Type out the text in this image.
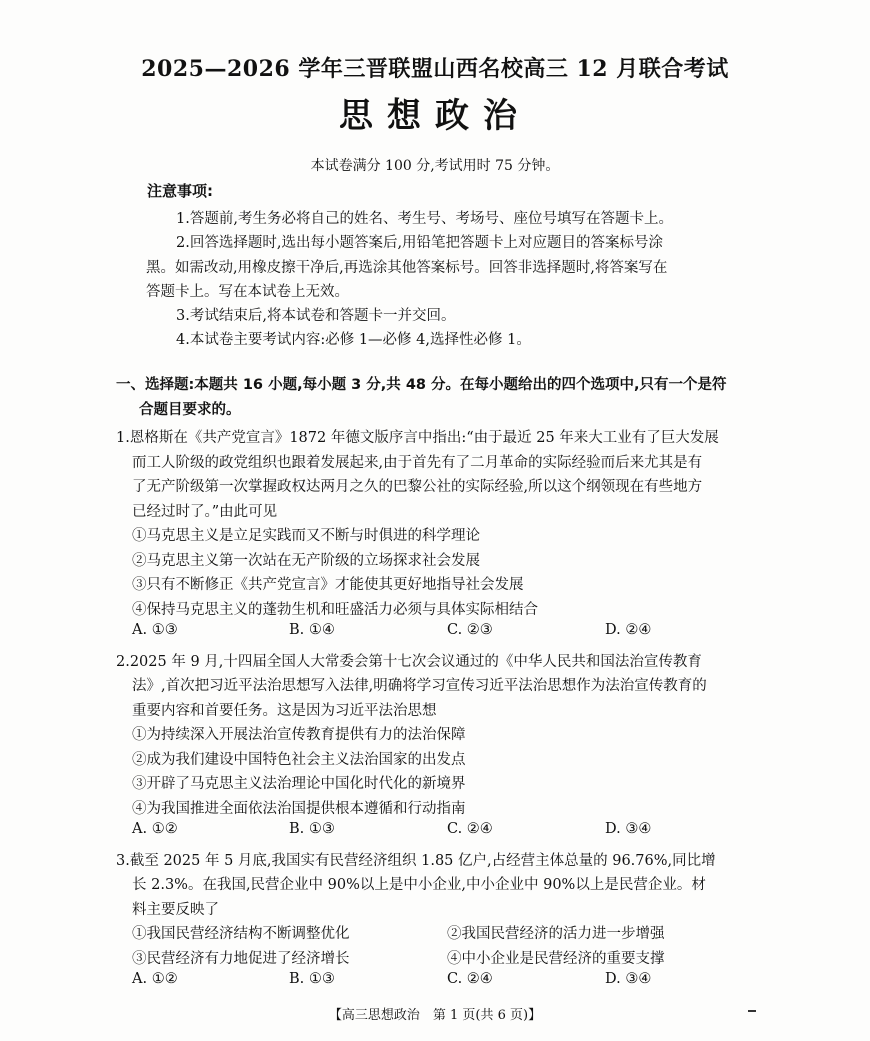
2025—2026 学年三晋联盟山西名校高三 12 月联合考试
思想政治
本试卷满分 100 分,考试用时 75 分钟。
注意事项:
1.答题前,考生务必将自己的姓名、考生号、考场号、座位号填写在答题卡上。
2.回答选择题时,选出每小题答案后,用铅笔把答题卡上对应题目的答案标号涂
黑。如需改动,用橡皮擦干净后,再选涂其他答案标号。回答非选择题时,将答案写在
答题卡上。写在本试卷上无效。
3.考试结束后,将本试卷和答题卡一并交回。
4.本试卷主要考试内容:必修 1—必修 4,选择性必修 1。
一、选择题:本题共 16 小题,每小题 3 分,共 48 分。在每小题给出的四个选项中,只有一个是符
合题目要求的。
1.恩格斯在《共产党宣言》1872 年德文版序言中指出:“由于最近 25 年来大工业有了巨大发展
而工人阶级的政党组织也跟着发展起来,由于首先有了二月革命的实际经验而后来尤其是有
了无产阶级第一次掌握政权达两月之久的巴黎公社的实际经验,所以这个纲领现在有些地方
已经过时了。”由此可见
①马克思主义是立足实践而又不断与时俱进的科学理论
②马克思主义第一次站在无产阶级的立场探求社会发展
③只有不断修正《共产党宣言》才能使其更好地指导社会发展
④保持马克思主义的蓬勃生机和旺盛活力必须与具体实际相结合
A. ①③	B. ①④	C. ②③	D. ②④
2.2025 年 9 月,十四届全国人大常委会第十七次会议通过的《中华人民共和国法治宣传教育
法》,首次把习近平法治思想写入法律,明确将学习宣传习近平法治思想作为法治宣传教育的
重要内容和首要任务。这是因为习近平法治思想
①为持续深入开展法治宣传教育提供有力的法治保障
②成为我们建设中国特色社会主义法治国家的出发点
③开辟了马克思主义法治理论中国化时代化的新境界
④为我国推进全面依法治国提供根本遵循和行动指南
A. ①②	B. ①③	C. ②④	D. ③④
3.截至 2025 年 5 月底,我国实有民营经济组织 1.85 亿户,占经营主体总量的 96.76%,同比增
长 2.3%。在我国,民营企业中 90%以上是中小企业,中小企业中 90%以上是民营企业。材
料主要反映了
①我国民营经济结构不断调整优化	②我国民营经济的活力进一步增强
③民营经济有力地促进了经济增长	④中小企业是民营经济的重要支撑
A. ①②	B. ①③	C. ②④	D. ③④
【高三思想政治　第 1 页(共 6 页)】
